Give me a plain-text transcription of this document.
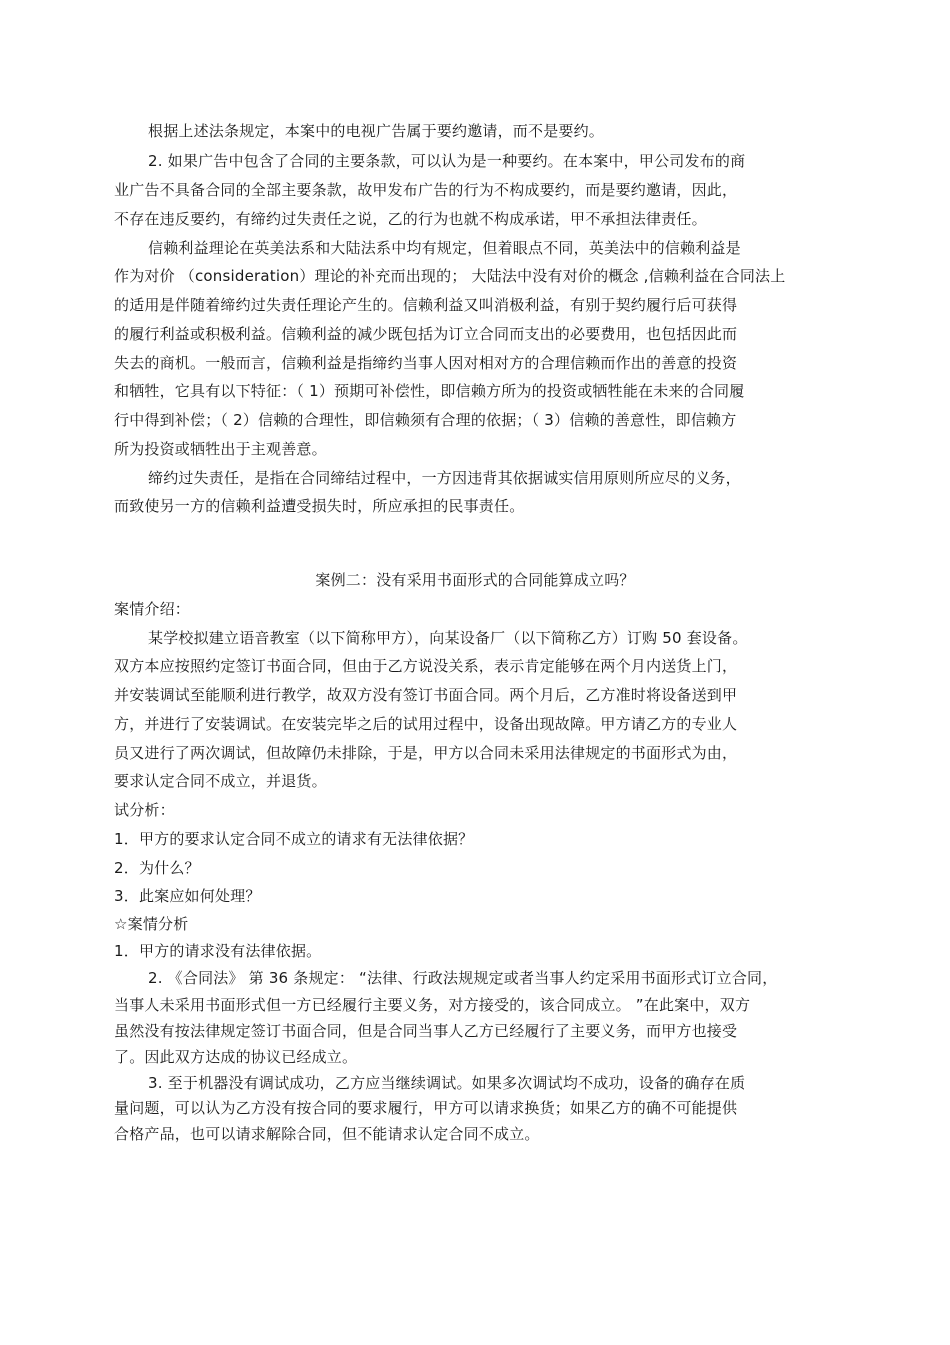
根据上述法条规定，本案中的电视广告属于要约邀请，而不是要约。
2. 如果广告中包含了合同的主要条款，可以认为是一种要约。在本案中，甲公司发布的商
业广告不具备合同的全部主要条款，故甲发布广告的行为不构成要约，而是要约邀请，因此，
不存在违反要约，有缔约过失责任之说，乙的行为也就不构成承诺，甲不承担法律责任。
信赖利益理论在英美法系和大陆法系中均有规定，但着眼点不同，英美法中的信赖利益是
作为对价 （consideration）理论的补充而出现的； 大陆法中没有对价的概念 ,信赖利益在合同法上
的适用是伴随着缔约过失责任理论产生的。信赖利益又叫消极利益，有别于契约履行后可获得
的履行利益或积极利益。信赖利益的减少既包括为订立合同而支出的必要费用，也包括因此而
失去的商机。一般而言，信赖利益是指缔约当事人因对相对方的合理信赖而作出的善意的投资
和牺牲，它具有以下特征：（ 1）预期可补偿性，即信赖方所为的投资或牺牲能在未来的合同履
行中得到补偿；（ 2）信赖的合理性，即信赖须有合理的依据；（ 3）信赖的善意性，即信赖方
所为投资或牺牲出于主观善意。
缔约过失责任，是指在合同缔结过程中，一方因违背其依据诚实信用原则所应尽的义务，
而致使另一方的信赖利益遭受损失时，所应承担的民事责任。
案例二：没有采用书面形式的合同能算成立吗？
案情介绍：
某学校拟建立语音教室（以下简称甲方），向某设备厂（以下简称乙方）订购 50 套设备。
双方本应按照约定签订书面合同，但由于乙方说没关系，表示肯定能够在两个月内送货上门，
并安装调试至能顺利进行教学，故双方没有签订书面合同。两个月后，乙方准时将设备送到甲
方，并进行了安装调试。在安装完毕之后的试用过程中，设备出现故障。甲方请乙方的专业人
员又进行了两次调试，但故障仍未排除，于是，甲方以合同未采用法律规定的书面形式为由，
要求认定合同不成立，并退货。
试分析：
1．甲方的要求认定合同不成立的请求有无法律依据？
2．为什么？
3．此案应如何处理？
☆案情分析
1．甲方的请求没有法律依据。
2. 《合同法》 第 36 条规定： “法律、行政法规规定或者当事人约定采用书面形式订立合同，
当事人未采用书面形式但一方已经履行主要义务，对方接受的，该合同成立。 ”在此案中，双方
虽然没有按法律规定签订书面合同，但是合同当事人乙方已经履行了主要义务，而甲方也接受
了。因此双方达成的协议已经成立。
3. 至于机器没有调试成功，乙方应当继续调试。如果多次调试均不成功，设备的确存在质
量问题，可以认为乙方没有按合同的要求履行，甲方可以请求换货；如果乙方的确不可能提供
合格产品，也可以请求解除合同，但不能请求认定合同不成立。
